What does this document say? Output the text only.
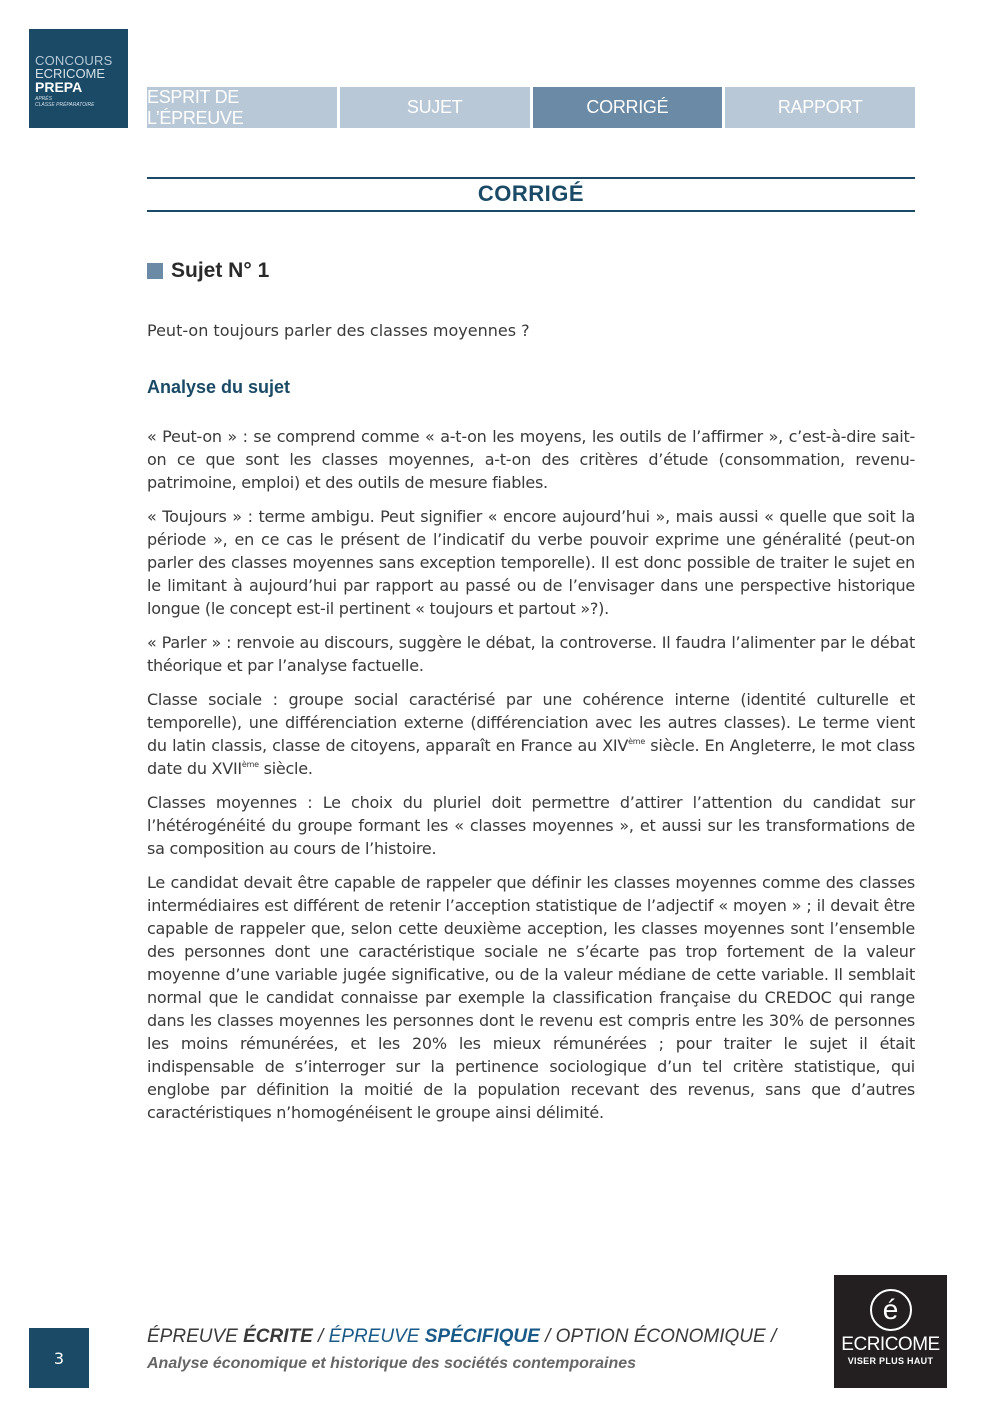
CONCOURS
ECRICOME
PREPA
APRÈS
CLASSE PRÉPARATOIRE	ESPRIT DE L’ÉPREUVE
SUJET	CORRIGÉ	RAPPORT
CORRIGÉ
Sujet N° 1
Peut-on toujours parler des classes moyennes ?
Analyse du sujet

« Peut-on » : se comprend comme « a-t-on les moyens, les outils de l’affirmer », c’est-à-dire sait-on ce que sont les classes moyennes, a-t-on des critères d’étude (consommation, revenu-patrimoine, emploi) et des outils de mesure fiables.

« Toujours » : terme ambigu. Peut signifier « encore aujourd’hui », mais aussi « quelle que soit la période », en ce cas le présent de l’indicatif du verbe pouvoir exprime une généralité (peut-on parler des classes moyennes sans exception temporelle). Il est donc possible de traiter le sujet en le limitant à aujourd’hui par rapport au passé ou de l’envisager dans une perspective historique longue (le concept est-il pertinent « toujours et partout »?).

« Parler » : renvoie au discours, suggère le débat, la controverse. Il faudra l’alimenter par le débat théorique et par l’analyse factuelle.

Classe sociale : groupe social caractérisé par une cohérence interne (identité culturelle et temporelle), une différenciation externe (différenciation avec les autres classes). Le terme vient du latin classis, classe de citoyens, apparaît en France au XIVème siècle. En Angleterre, le mot class date du XVIIème siècle.

Classes moyennes : Le choix du pluriel doit permettre d’attirer l’attention du candidat sur l’hétérogénéité du groupe formant les « classes moyennes », et aussi sur les transformations de sa composition au cours de l’histoire.

Le candidat devait être capable de rappeler que définir les classes moyennes comme des classes intermédiaires est différent de retenir l’acception statistique de l’adjectif « moyen » ; il devait être capable de rappeler que, selon cette deuxième acception, les classes moyennes sont l’ensemble des personnes dont une caractéristique sociale ne s’écarte pas trop fortement de la valeur moyenne d’une variable jugée significative, ou de la valeur médiane de cette variable. Il semblait normal que le candidat connaisse par exemple la classification française du CREDOC qui range dans les classes moyennes les personnes dont le revenu est compris entre les 30% de personnes les moins rémunérées, et les 20% les mieux rémunérées ; pour traiter le sujet il était indispensable de s’interroger sur la pertinence sociologique d’un tel critère statistique, qui englobe par définition la moitié de la population recevant des revenus, sans que d’autres caractéristiques n’homogénéisent le groupe ainsi délimité.

3
ÉPREUVE ÉCRITE / ÉPREUVE SPÉCIFIQUE / OPTION ÉCONOMIQUE /
Analyse économique et historique des sociétés contemporaines
é
ECRICOME
VISER PLUS HAUT
